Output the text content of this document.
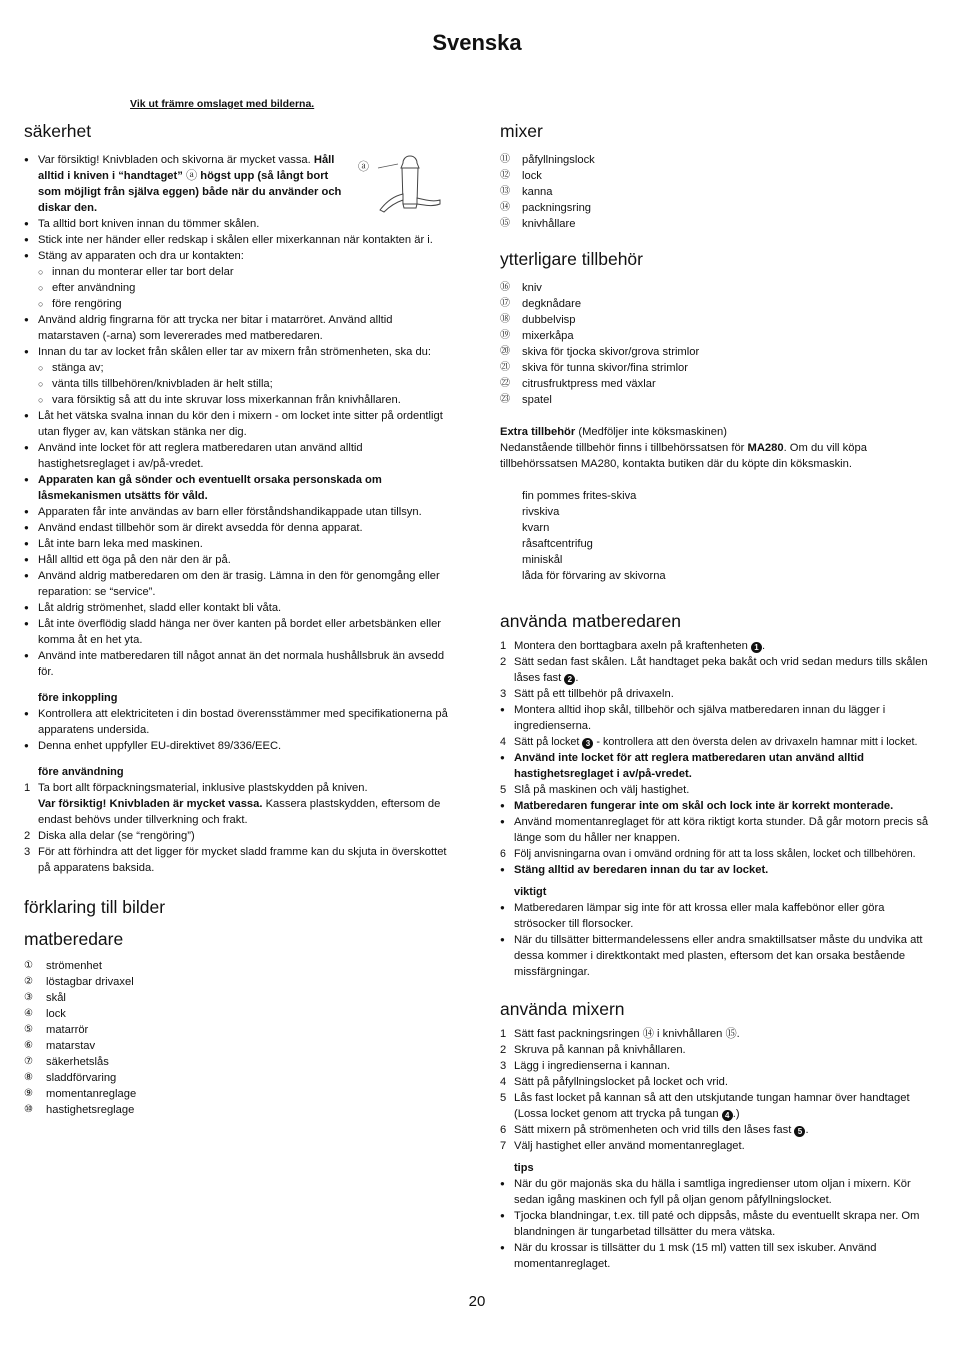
Svenska
Vik ut främre omslaget med bilderna.
säkerhet
ⓐ
● Var försiktig! Knivbladen och skivorna är mycket vassa. Håll alltid i kniven i “handtaget” ⓐ högst upp (så långt bort som möjligt från själva eggen) både när du använder och diskar den.
● Ta alltid bort kniven innan du tömmer skålen.
● Stick inte ner händer eller redskap i skålen eller mixerkannan när kontakten är i.
● Stäng av apparaten och dra ur kontakten:
○ innan du monterar eller tar bort delar
○ efter användning
○ före rengöring
● Använd aldrig fingrarna för att trycka ner bitar i matarröret. Använd alltid matarstaven (-arna) som levererades med matberedaren.
● Innan du tar av locket från skålen eller tar av mixern från strömenheten, ska du:
○ stänga av;
○ vänta tills tillbehören/knivbladen är helt stilla;
○ vara försiktig så att du inte skruvar loss mixerkannan från knivhållaren.
● Låt het vätska svalna innan du kör den i mixern - om locket inte sitter på ordentligt utan flyger av, kan vätskan stänka ner dig.
● Använd inte locket för att reglera matberedaren utan använd alltid hastighetsreglaget i av/på-vredet.
● Apparaten kan gå sönder och eventuellt orsaka personskada om låsmekanismen utsätts för våld.
● Apparaten får inte användas av barn eller förståndshandikappade utan tillsyn.
● Använd endast tillbehör som är direkt avsedda för denna apparat.
● Låt inte barn leka med maskinen.
● Håll alltid ett öga på den när den är på.
● Använd aldrig matberedaren om den är trasig. Lämna in den för genomgång eller reparation: se “service”.
● Låt aldrig strömenhet, sladd eller kontakt bli våta.
● Låt inte överflödig sladd hänga ner över kanten på bordet eller arbetsbänken eller komma åt en het yta.
● Använd inte matberedaren till något annat än det normala hushållsbruk än avsedd för.
före inkoppling
● Kontrollera att elektriciteten i din bostad överensstämmer med specifikationerna på apparatens undersida.
● Denna enhet uppfyller EU-direktivet 89/336/EEC.
före användning
1 Ta bort allt förpackningsmaterial, inklusive plastskydden på kniven.
Var försiktig! Knivbladen är mycket vassa. Kassera plastskydden, eftersom de endast behövs under tillverkning och frakt.
2 Diska alla delar (se “rengöring”)
3 För att förhindra att det ligger för mycket sladd framme kan du skjuta in överskottet på apparatens baksida.
förklaring till bilder
matberedare
① strömenhet
② löstagbar drivaxel
③ skål
④ lock
⑤ matarrör
⑥ matarstav
⑦ säkerhetslås
⑧ sladdförvaring
⑨ momentanreglage
⑩ hastighetsreglage
mixer
⑪ påfyllningslock
⑫ lock
⑬ kanna
⑭ packningsring
⑮ knivhållare
ytterligare tillbehör
⑯ kniv
⑰ degknådare
⑱ dubbelvisp
⑲ mixerkåpa
⑳ skiva för tjocka skivor/grova strimlor
㉑ skiva för tunna skivor/fina strimlor
㉒ citrusfruktpress med växlar
㉓ spatel
Extra tillbehör (Medföljer inte köksmaskinen)
Nedanstående tillbehör finns i tillbehörssatsen för MA280. Om du vill köpa tillbehörssatsen MA280, kontakta butiken där du köpte din köksmaskin.
fin pommes frites-skiva
rivskiva
kvarn
råsaftcentrifug
miniskål
låda för förvaring av skivorna
använda matberedaren
1 Montera den borttagbara axeln på kraftenheten 1 .
2 Sätt sedan fast skålen. Låt handtaget peka bakåt och vrid sedan medurs tills skålen låses fast 2 .
3 Sätt på ett tillbehör på drivaxeln.
● Montera alltid ihop skål, tillbehör och själva matberedaren innan du lägger i ingredienserna.
4 Sätt på locket 3 - kontrollera att den översta delen av drivaxeln hamnar mitt i locket.
● Använd inte locket för att reglera matberedaren utan använd alltid hastighetsreglaget i av/på-vredet.
5 Slå på maskinen och välj hastighet.
● Matberedaren fungerar inte om skål och lock inte är korrekt monterade.
● Använd momentanreglaget för att köra riktigt korta stunder. Då går motorn precis så länge som du håller ner knappen.
6 Följ anvisningarna ovan i omvänd ordning för att ta loss skålen, locket och tillbehören.
● Stäng alltid av beredaren innan du tar av locket.
viktigt
● Matberedaren lämpar sig inte för att krossa eller mala kaffebönor eller göra strösocker till florsocker.
● När du tillsätter bittermandelessens eller andra smaktillsatser måste du undvika att dessa kommer i direktkontakt med plasten, eftersom det kan orsaka bestående missfärgningar.
använda mixern
1 Sätt fast packningsringen ⑭ i knivhållaren ⑮.
2 Skruva på kannan på knivhållaren.
3 Lägg i ingredienserna i kannan.
4 Sätt på påfyllningslocket på locket och vrid.
5 Lås fast locket på kannan så att den utskjutande tungan hamnar över handtaget (Lossa locket genom att trycka på tungan 4 .)
6 Sätt mixern på strömenheten och vrid tills den låses fast 5 .
7 Välj hastighet eller använd momentanreglaget.
tips
● När du gör majonäs ska du hälla i samtliga ingredienser utom oljan i mixern. Kör sedan igång maskinen och fyll på oljan genom påfyllningslocket.
● Tjocka blandningar, t.ex. till paté och dippsås, måste du eventuellt skrapa ner. Om blandningen är tungarbetad tillsätter du mera vätska.
● När du krossar is tillsätter du 1 msk (15 ml) vatten till sex iskuber. Använd momentanreglaget.
20
